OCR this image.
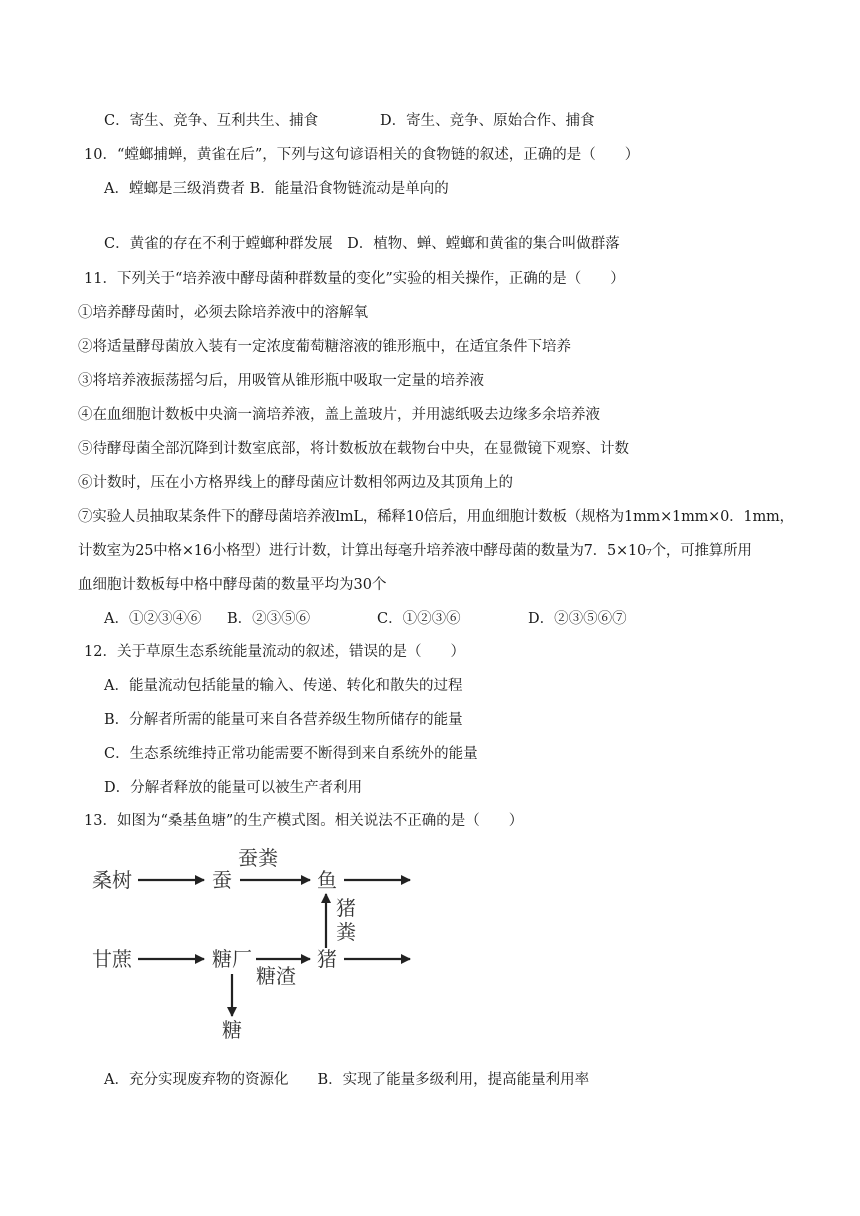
C．寄生、竞争、互利共生、捕食	D．寄生、竞争、原始合作、捕食
10．“螳螂捕蝉，黄雀在后”，下列与这句谚语相关的食物链的叙述，正确的是（　　）
A．螳螂是三级消费者 B．能量沿食物链流动是单向的
C．黄雀的存在不利于螳螂种群发展　D．植物、蝉、螳螂和黄雀的集合叫做群落
11．下列关于“培养液中酵母菌种群数量的变化”实验的相关操作，正确的是（　　）
①培养酵母菌时，必须去除培养液中的溶解氧
②将适量酵母菌放入装有一定浓度葡萄糖溶液的锥形瓶中，在适宜条件下培养
③将培养液振荡摇匀后，用吸管从锥形瓶中吸取一定量的培养液
④在血细胞计数板中央滴一滴培养液，盖上盖玻片，并用滤纸吸去边缘多余培养液
⑤待酵母菌全部沉降到计数室底部，将计数板放在载物台中央，在显微镜下观察、计数
⑥计数时，压在小方格界线上的酵母菌应计数相邻两边及其顶角上的
⑦实验人员抽取某条件下的酵母菌培养液lmL，稀释10倍后，用血细胞计数板（规格为1mm×1mm×0．1mm，
计数室为25中格×16小格型）进行计数，计算出每毫升培养液中酵母菌的数量为7．5×10₇个，可推算所用
血细胞计数板每中格中酵母菌的数量平均为30个
A．①②③④⑥ B．②③⑤⑥	C．①②③⑥	D．②③⑤⑥⑦
12．关于草原生态系统能量流动的叙述，错误的是（　　）
A．能量流动包括能量的输入、传递、转化和散失的过程
B．分解者所需的能量可来自各营养级生物所储存的能量
C．生态系统维持正常功能需要不断得到来自系统外的能量
D．分解者释放的能量可以被生产者利用
13．如图为“桑基鱼塘”的生产模式图。相关说法不正确的是（　　）
桑树	蚕
蚕粪
鱼
猪粪
甘蔗	糖厂
糖渣
猪
糖
A．充分实现废弃物的资源化　　B．实现了能量多级利用，提高能量利用率
